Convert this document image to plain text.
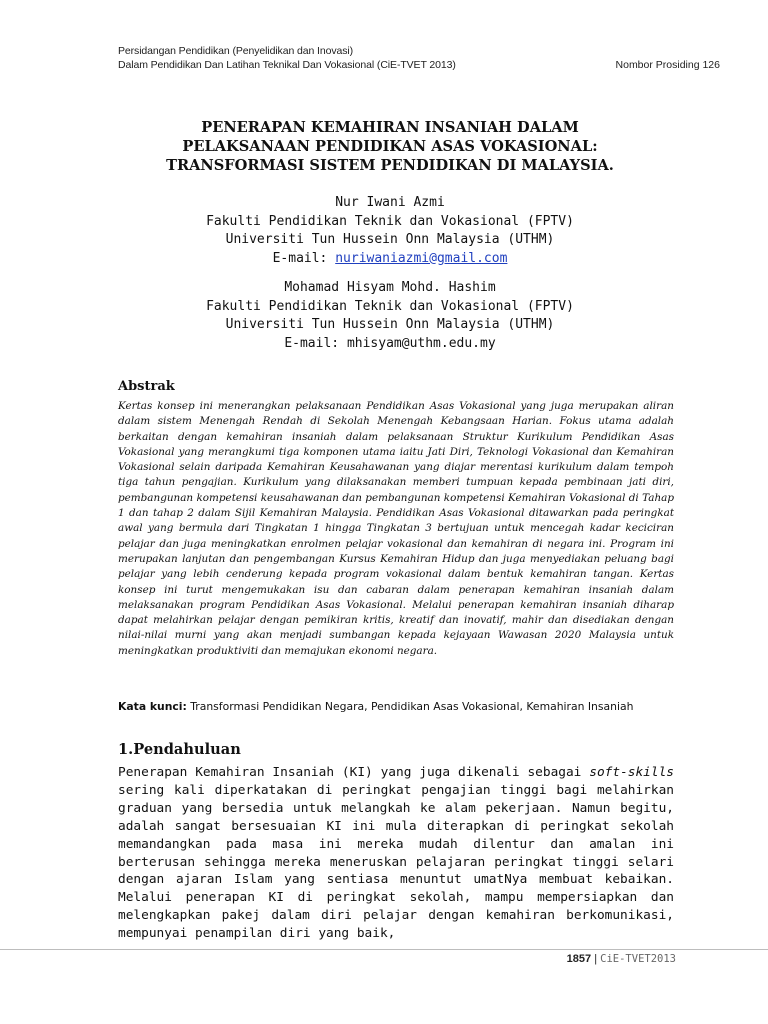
Persidangan Pendidikan (Penyelidikan dan Inovasi)
Dalam Pendidikan Dan Latihan Teknikal Dan Vokasional (CiE-TVET 2013)	Nombor Prosiding 126
PENERAPAN KEMAHIRAN INSANIAH DALAM
PELAKSANAAN PENDIDIKAN ASAS VOKASIONAL:
TRANSFORMASI SISTEM PENDIDIKAN DI MALAYSIA.
Nur Iwani Azmi
Fakulti Pendidikan Teknik dan Vokasional (FPTV)
Universiti Tun Hussein Onn Malaysia (UTHM)
E-mail: nuriwaniazmi@gmail.com
Mohamad Hisyam Mohd. Hashim
Fakulti Pendidikan Teknik dan Vokasional (FPTV)
Universiti Tun Hussein Onn Malaysia (UTHM)
E-mail: mhisyam@uthm.edu.my
Abstrak
Kertas konsep ini menerangkan pelaksanaan Pendidikan Asas Vokasional yang juga merupakan aliran dalam sistem Menengah Rendah di Sekolah Menengah Kebangsaan Harian. Fokus utama adalah berkaitan dengan kemahiran insaniah dalam pelaksanaan Struktur Kurikulum Pendidikan Asas Vokasional yang merangkumi tiga komponen utama iaitu Jati Diri, Teknologi Vokasional dan Kemahiran Vokasional selain daripada Kemahiran Keusahawanan yang diajar merentasi kurikulum dalam tempoh tiga tahun pengajian. Kurikulum yang dilaksanakan memberi tumpuan kepada pembinaan jati diri, pembangunan kompetensi keusahawanan dan pembangunan kompetensi Kemahiran Vokasional di Tahap 1 dan tahap 2 dalam Sijil Kemahiran Malaysia. Pendidikan Asas Vokasional ditawarkan pada peringkat awal yang bermula dari Tingkatan 1 hingga Tingkatan 3 bertujuan untuk mencegah kadar keciciran pelajar dan juga meningkatkan enrolmen pelajar vokasional dan kemahiran di negara ini. Program ini merupakan lanjutan dan pengembangan Kursus Kemahiran Hidup dan juga menyediakan peluang bagi pelajar yang lebih cenderung kepada program vokasional dalam bentuk kemahiran tangan. Kertas konsep ini turut mengemukakan isu dan cabaran dalam penerapan kemahiran insaniah dalam melaksanakan program Pendidikan Asas Vokasional. Melalui penerapan kemahiran insaniah diharap dapat melahirkan pelajar dengan pemikiran kritis, kreatif dan inovatif, mahir dan disediakan dengan nilai-nilai murni yang akan menjadi sumbangan kepada kejayaan Wawasan 2020 Malaysia untuk meningkatkan produktiviti dan memajukan ekonomi negara.
Kata kunci: Transformasi Pendidikan Negara, Pendidikan Asas Vokasional, Kemahiran Insaniah
1.Pendahuluan
Penerapan Kemahiran Insaniah (KI) yang juga dikenali sebagai soft-skills sering kali diperkatakan di peringkat pengajian tinggi bagi melahirkan graduan yang bersedia untuk melangkah ke alam pekerjaan. Namun begitu, adalah sangat bersesuaian KI ini mula diterapkan di peringkat sekolah memandangkan pada masa ini mereka mudah dilentur dan amalan ini berterusan sehingga mereka meneruskan pelajaran peringkat tinggi selari dengan ajaran Islam yang sentiasa menuntut umatNya membuat kebaikan. Melalui penerapan KI di peringkat sekolah, mampu mempersiapkan dan melengkapkan pakej dalam diri pelajar dengan kemahiran berkomunikasi, mempunyai penampilan diri yang baik,
1857 | CiE-TVET2013
